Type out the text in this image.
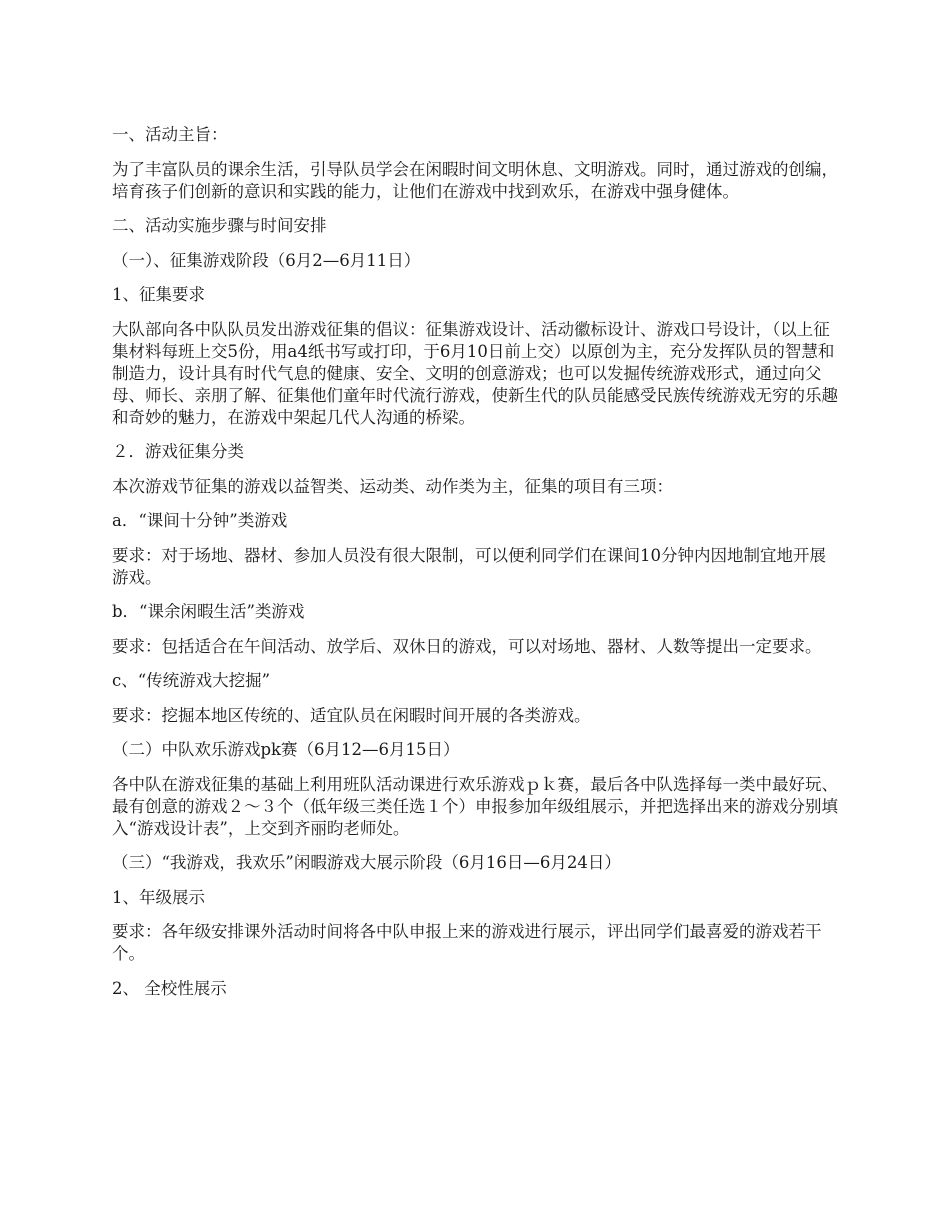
一、活动主旨：

为了丰富队员的课余生活，引导队员学会在闲暇时间文明休息、文明游戏。同时，通过游戏的创编，培育孩子们创新的意识和实践的能力，让他们在游戏中找到欢乐，在游戏中强身健体。

二、活动实施步骤与时间安排

（一）、征集游戏阶段（6月2—6月11日）

1、征集要求

大队部向各中队队员发出游戏征集的倡议：征集游戏设计、活动徽标设计、游戏口号设计，（以上征集材料每班上交5份，用a4纸书写或打印，于6月10日前上交）以原创为主，充分发挥队员的智慧和制造力，设计具有时代气息的健康、安全、文明的创意游戏；也可以发掘传统游戏形式，通过向父母、师长、亲朋了解、征集他们童年时代流行游戏，使新生代的队员能感受民族传统游戏无穷的乐趣和奇妙的魅力，在游戏中架起几代人沟通的桥梁。

２．游戏征集分类

本次游戏节征集的游戏以益智类、运动类、动作类为主，征集的项目有三项：

a．“课间十分钟”类游戏

要求：对于场地、器材、参加人员没有很大限制，可以便利同学们在课间10分钟内因地制宜地开展游戏。

b．“课余闲暇生活”类游戏

要求：包括适合在午间活动、放学后、双休日的游戏，可以对场地、器材、人数等提出一定要求。

c、“传统游戏大挖掘”

要求：挖掘本地区传统的、适宜队员在闲暇时间开展的各类游戏。

（二）中队欢乐游戏pk赛（6月12—6月15日）

各中队在游戏征集的基础上利用班队活动课进行欢乐游戏ｐｋ赛，最后各中队选择每一类中最好玩、最有创意的游戏２～３个（低年级三类任选１个）申报参加年级组展示，并把选择出来的游戏分别填入“游戏设计表”，上交到齐丽昀老师处。

（三）“我游戏，我欢乐”闲暇游戏大展示阶段（6月16日—6月24日）

1、年级展示

要求：各年级安排课外活动时间将各中队申报上来的游戏进行展示，评出同学们最喜爱的游戏若干个。

2、 全校性展示
